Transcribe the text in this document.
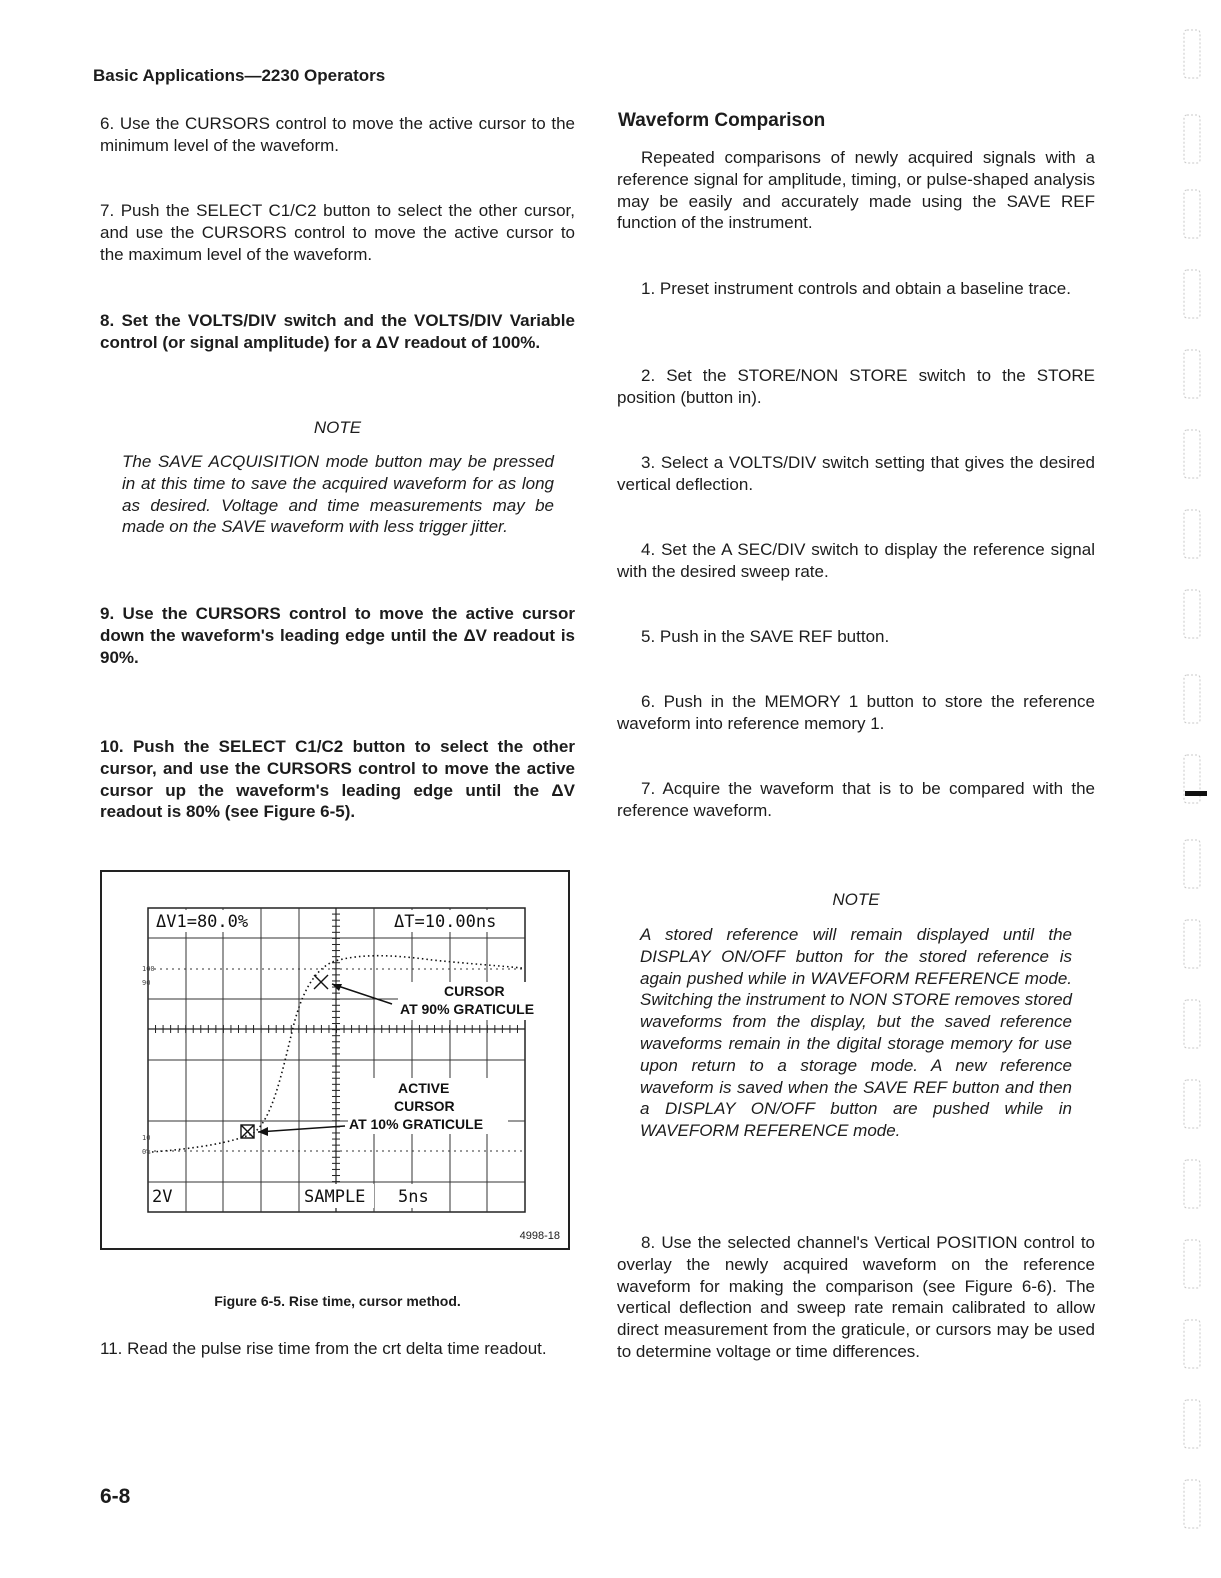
Basic Applications—2230 Operators

6. Use the CURSORS control to move the active cursor to the minimum level of the waveform.

7. Push the SELECT C1/C2 button to select the other cursor, and use the CURSORS control to move the active cursor to the maximum level of the waveform.

8. Set the VOLTS/DIV switch and the VOLTS/DIV Variable control (or signal amplitude) for a ΔV readout of 100%.

NOTE

The SAVE ACQUISITION mode button may be pressed in at this time to save the acquired waveform for as long as desired. Voltage and time measurements may be made on the SAVE waveform with less trigger jitter.

9. Use the CURSORS control to move the active cursor down the waveform's leading edge until the ΔV readout is 90%.

10. Push the SELECT C1/C2 button to select the other cursor, and use the CURSORS control to move the active cursor up the waveform's leading edge until the ΔV readout is 80% (see Figure 6-5).

ΔV1=80.0%	ΔT=10.00ns
2V	SAMPLE 5ns
100
90
10
0%
CURSOR
AT 90% GRATICULE
ACTIVE
CURSOR
AT 10% GRATICULE
4998-18
Figure 6-5. Rise time, cursor method.

11. Read the pulse rise time from the crt delta time readout.

Waveform Comparison

Repeated comparisons of newly acquired signals with a reference signal for amplitude, timing, or pulse-shaped analysis may be easily and accurately made using the SAVE REF function of the instrument.

1. Preset instrument controls and obtain a baseline trace.

2. Set the STORE/NON STORE switch to the STORE position (button in).

3. Select a VOLTS/DIV switch setting that gives the desired vertical deflection.

4. Set the A SEC/DIV switch to display the reference signal with the desired sweep rate.

5. Push in the SAVE REF button.

6. Push in the MEMORY 1 button to store the reference waveform into reference memory 1.

7. Acquire the waveform that is to be compared with the reference waveform.

NOTE

A stored reference will remain displayed until the DISPLAY ON/OFF button for the stored reference is again pushed while in WAVEFORM REFERENCE mode. Switching the instrument to NON STORE removes stored waveforms from the display, but the saved reference waveforms remain in the digital storage memory for use upon return to a storage mode. A new reference waveform is saved when the SAVE REF button and then a DISPLAY ON/OFF button are pushed while in WAVEFORM REFERENCE mode.

8. Use the selected channel's Vertical POSITION control to overlay the newly acquired waveform on the reference waveform for making the comparison (see Figure 6-6). The vertical deflection and sweep rate remain calibrated to allow direct measurement from the graticule, or cursors may be used to determine voltage or time differences.

6-8
